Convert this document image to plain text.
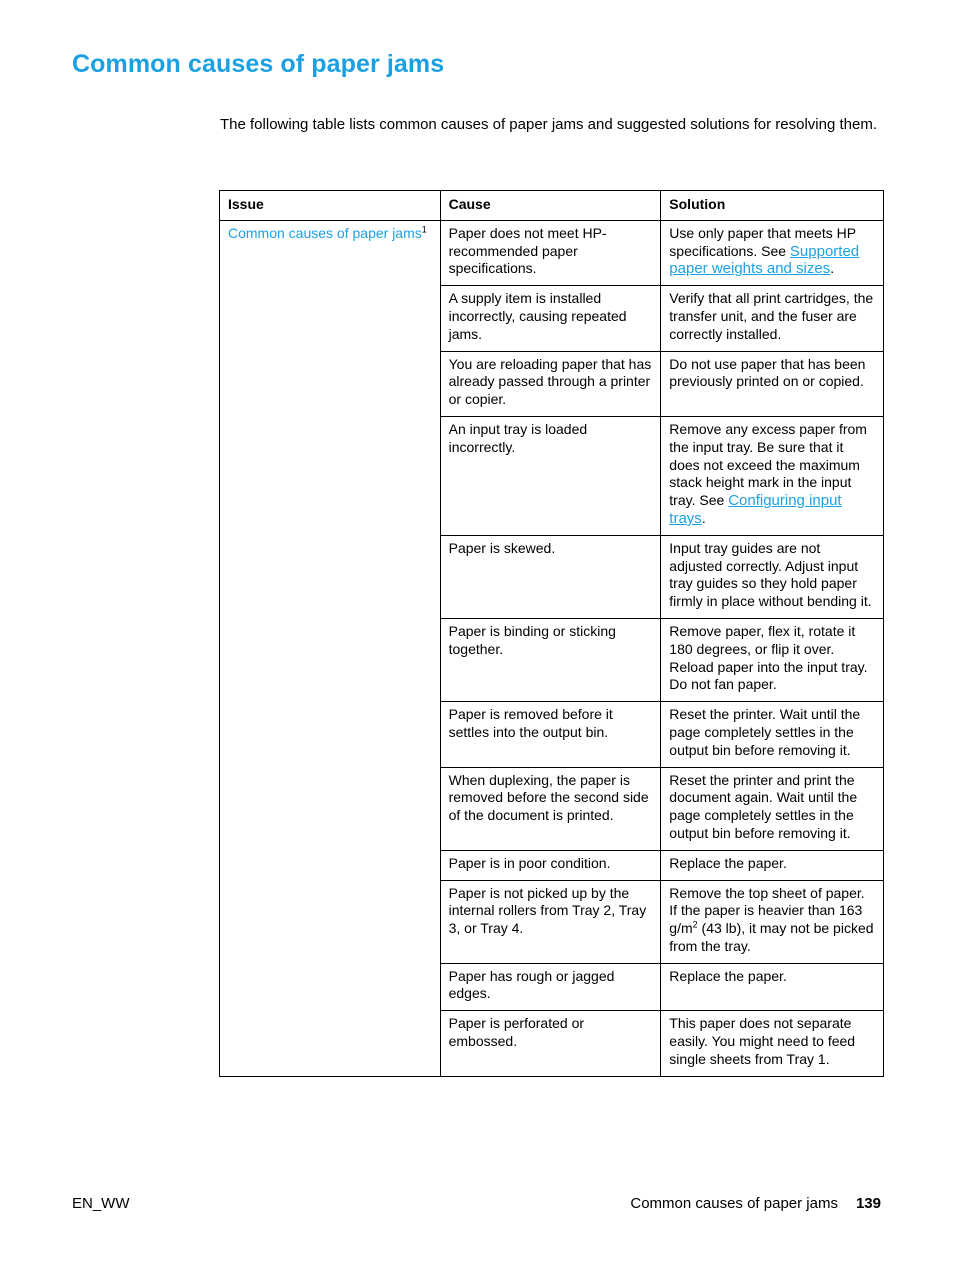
Common causes of paper jams

The following table lists common causes of paper jams and suggested solutions for resolving them.

Issue	Cause	Solution
Common causes of paper jams$^1$	Paper does not meet HP-recommended paper specifications.	Use only paper that meets HP specifications. See Supported paper weights and sizes.
	A supply item is installed incorrectly, causing repeated jams.	Verify that all print cartridges, the transfer unit, and the fuser are correctly installed.
	You are reloading paper that has already passed through a printer or copier.	Do not use paper that has been previously printed on or copied.
	An input tray is loaded incorrectly.	Remove any excess paper from the input tray. Be sure that it does not exceed the maximum stack height mark in the input tray. See Configuring input trays.
	Paper is skewed.	Input tray guides are not adjusted correctly. Adjust input tray guides so they hold paper firmly in place without bending it.
	Paper is binding or sticking together.	Remove paper, flex it, rotate it 180 degrees, or flip it over. Reload paper into the input tray. Do not fan paper.
	Paper is removed before it settles into the output bin.	Reset the printer. Wait until the page completely settles in the output bin before removing it.
	When duplexing, the paper is removed before the second side of the document is printed.	Reset the printer and print the document again. Wait until the page completely settles in the output bin before removing it.
	Paper is in poor condition.	Replace the paper.
	Paper is not picked up by the internal rollers from Tray 2, Tray 3, or Tray 4.	Remove the top sheet of paper. If the paper is heavier than 163 $g/m^2$ (43 lb), it may not be picked from the tray.
	Paper has rough or jagged edges.	Replace the paper.
	Paper is perforated or embossed.	This paper does not separate easily. You might need to feed single sheets from Tray 1.
EN_WW	Common causes of paper jams 139
